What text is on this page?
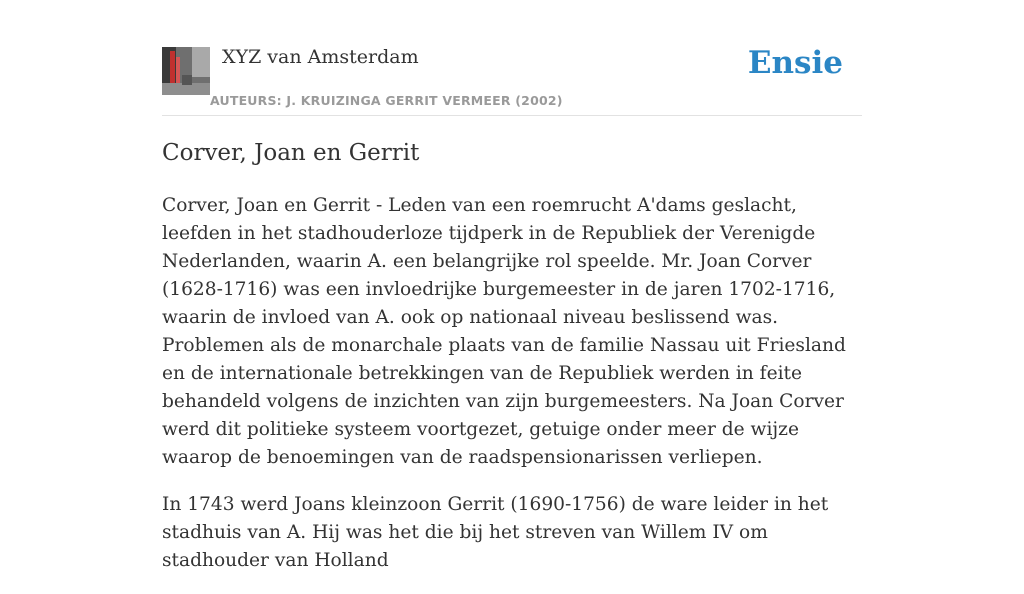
XYZ van Amsterdam
AUTEURS: J. KRUIZINGA GERRIT VERMEER (2002)
Ensie
Corver, Joan en Gerrit

Corver, Joan en Gerrit - Leden van een roemrucht A'dams geslacht, leefden in het stadhouderloze tijdperk in de Republiek der Verenigde Nederlanden, waarin A. een belangrijke rol speelde. Mr. Joan Corver (1628-1716) was een invloedrijke burgemeester in de jaren 1702-1716, waarin de invloed van A. ook op nationaal niveau beslissend was. Problemen als de monarchale plaats van de familie Nassau uit Friesland en de internationale betrekkingen van de Republiek werden in feite behandeld volgens de inzichten van zijn burgemeesters. Na Joan Corver werd dit politieke systeem voortgezet, getuige onder meer de wijze waarop de benoemingen van de raadspensionarissen verliepen.

In 1743 werd Joans kleinzoon Gerrit (1690-1756) de ware leider in het stadhuis van A. Hij was het die bij het streven van Willem IV om stadhouder van Holland
